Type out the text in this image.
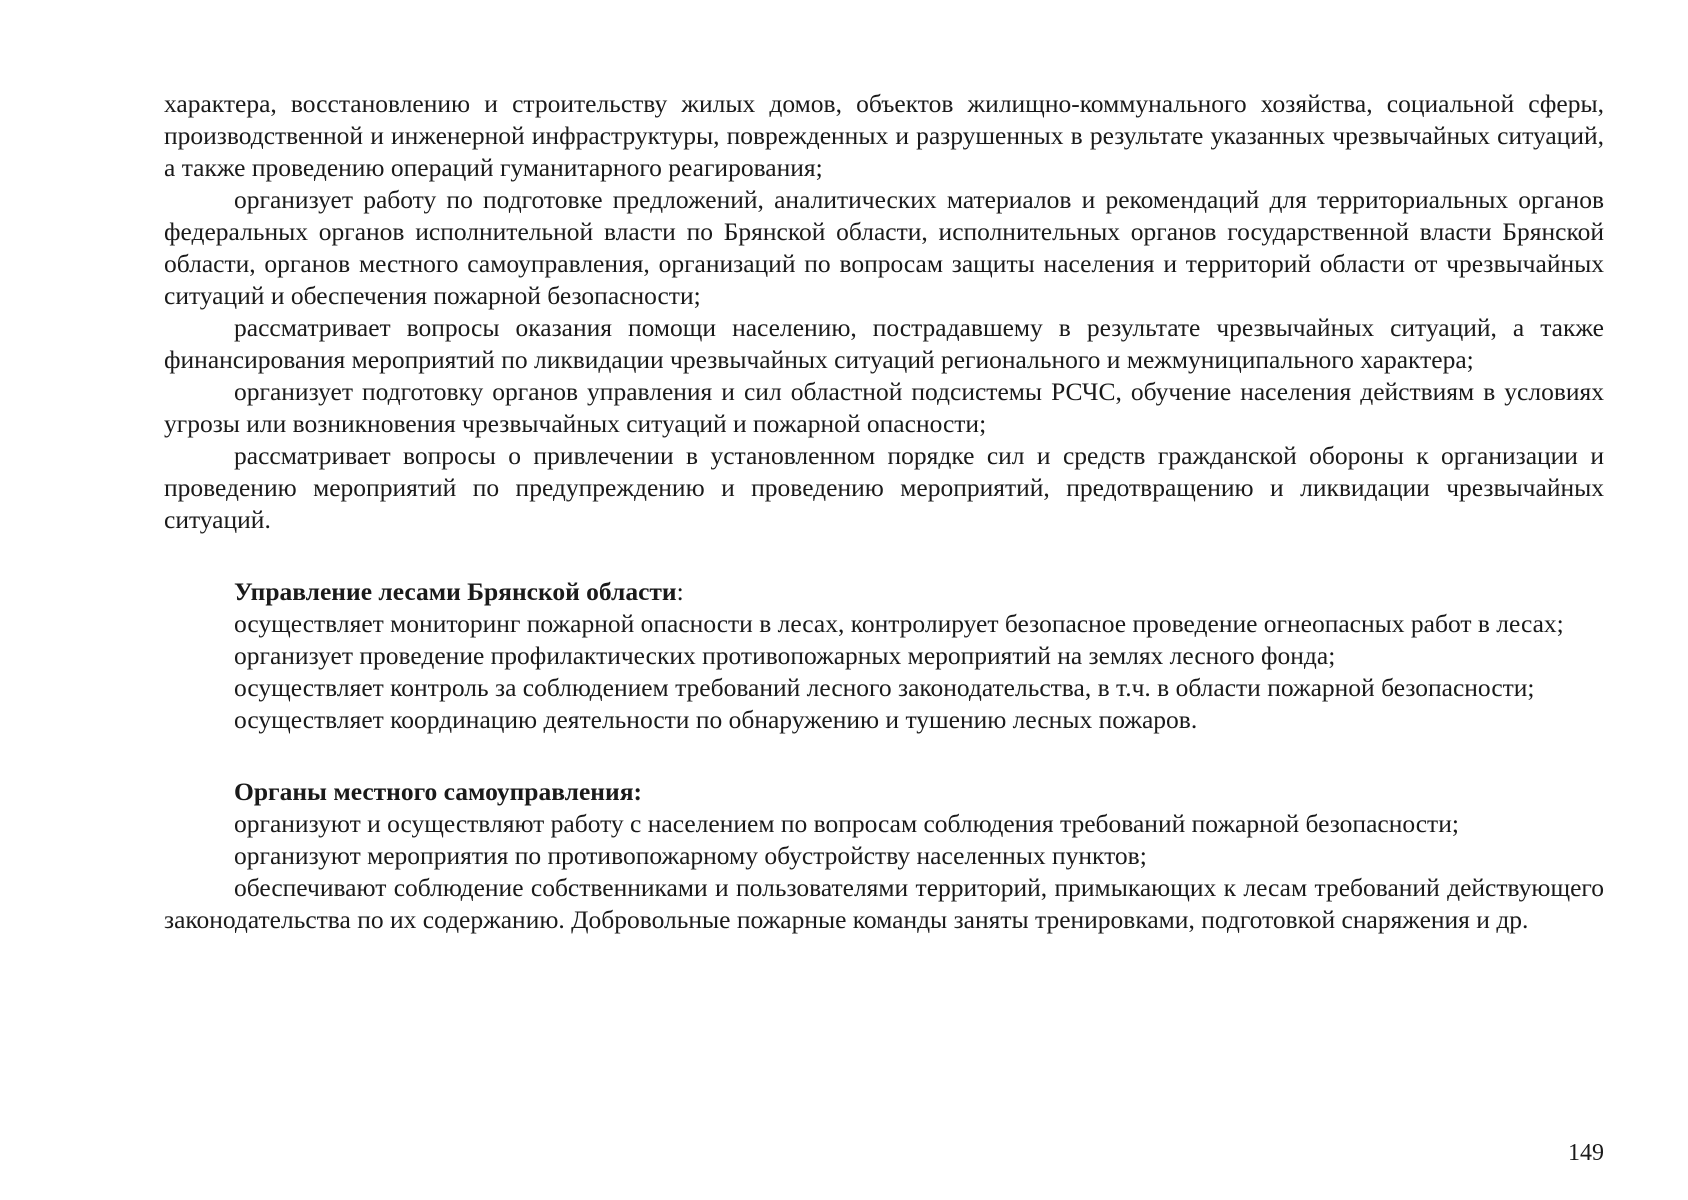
характера, восстановлению и строительству жилых домов, объектов жилищно-коммунального хозяйства, социальной сферы, производственной и инженерной инфраструктуры, поврежденных и разрушенных в результате указанных чрезвычайных ситуаций, а также проведению операций гуманитарного реагирования;

организует работу по подготовке предложений, аналитических материалов и рекомендаций для территориальных органов федеральных органов исполнительной власти по Брянской области, исполнительных органов государственной власти Брянской области, органов местного самоуправления, организаций по вопросам защиты населения и территорий области от чрезвычайных ситуаций и обеспечения пожарной безопасности;

рассматривает вопросы оказания помощи населению, пострадавшему в результате чрезвычайных ситуаций, а также финансирования мероприятий по ликвидации чрезвычайных ситуаций регионального и межмуниципального характера;

организует подготовку органов управления и сил областной подсистемы РСЧС, обучение населения действиям в условиях угрозы или возникновения чрезвычайных ситуаций и пожарной опасности;

рассматривает вопросы о привлечении в установленном порядке сил и средств гражданской обороны к организации и проведению мероприятий по предупреждению и проведению мероприятий, предотвращению и ликвидации чрезвычайных ситуаций.

Управление лесами Брянской области:

осуществляет мониторинг пожарной опасности в лесах, контролирует безопасное проведение огнеопасных работ в лесах;

организует проведение профилактических противопожарных мероприятий на землях лесного фонда;

осуществляет контроль за соблюдением требований лесного законодательства, в т.ч. в области пожарной безопасности;

осуществляет координацию деятельности по обнаружению и тушению лесных пожаров.

Органы местного самоуправления:

организуют и осуществляют работу с населением по вопросам соблюдения требований пожарной безопасности;

организуют мероприятия по противопожарному обустройству населенных пунктов;

обеспечивают соблюдение собственниками и пользователями территорий, примыкающих к лесам требований действующего законодательства по их содержанию. Добровольные пожарные команды заняты тренировками, подготовкой снаряжения и др.

149
